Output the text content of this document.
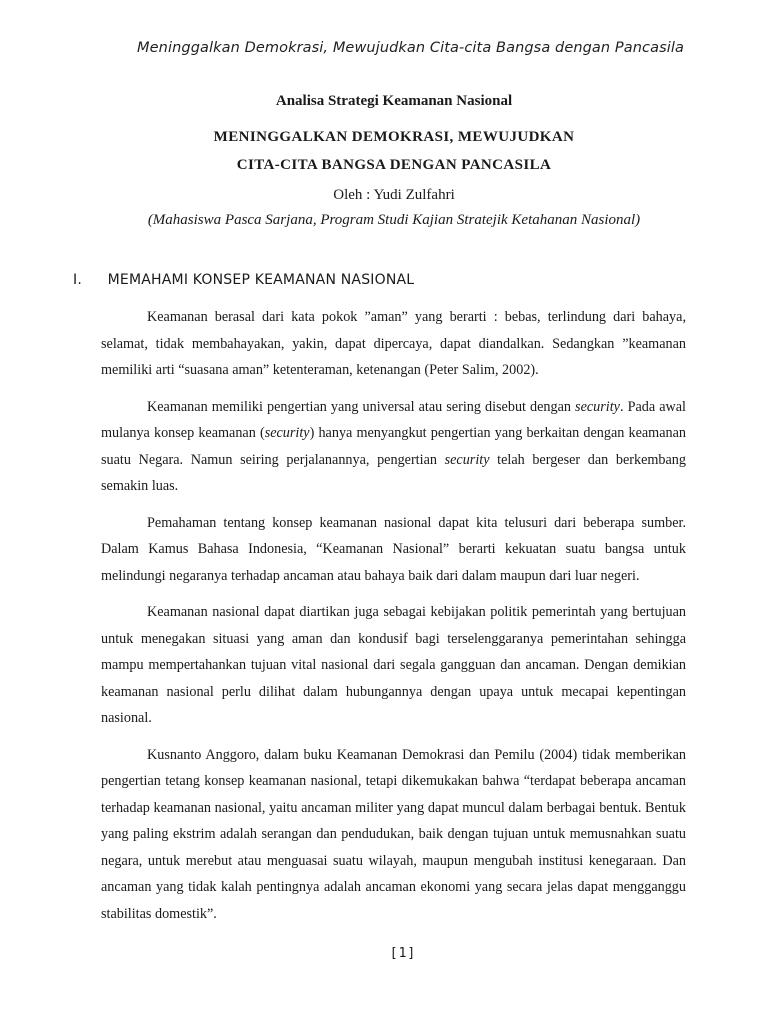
Meninggalkan Demokrasi, Mewujudkan Cita-cita Bangsa dengan Pancasila
Analisa Strategi Keamanan Nasional
MENINGGALKAN DEMOKRASI, MEWUJUDKAN
CITA-CITA BANGSA DENGAN PANCASILA
Oleh : Yudi Zulfahri
(Mahasiswa Pasca Sarjana, Program Studi Kajian Stratejik Ketahanan Nasional)
I. MEMAHAMI KONSEP KEAMANAN NASIONAL

Keamanan berasal dari kata pokok ”aman” yang berarti : bebas, terlindung dari bahaya, selamat, tidak membahayakan, yakin, dapat dipercaya, dapat diandalkan. Sedangkan ”keamanan memiliki arti “suasana aman” ketenteraman, ketenangan (Peter Salim, 2002).

Keamanan memiliki pengertian yang universal atau sering disebut dengan security. Pada awal mulanya konsep keamanan (security) hanya menyangkut pengertian yang berkaitan dengan keamanan suatu Negara. Namun seiring perjalanannya, pengertian security telah bergeser dan berkembang semakin luas.

Pemahaman tentang konsep keamanan nasional dapat kita telusuri dari beberapa sumber. Dalam Kamus Bahasa Indonesia, “Keamanan Nasional” berarti kekuatan suatu bangsa untuk melindungi negaranya terhadap ancaman atau bahaya baik dari dalam maupun dari luar negeri.

Keamanan nasional dapat diartikan juga sebagai kebijakan politik pemerintah yang bertujuan untuk menegakan situasi yang aman dan kondusif bagi terselenggaranya pemerintahan sehingga mampu mempertahankan tujuan vital nasional dari segala gangguan dan ancaman. Dengan demikian keamanan nasional perlu dilihat dalam hubungannya dengan upaya untuk mecapai kepentingan nasional.

Kusnanto Anggoro, dalam buku Keamanan Demokrasi dan Pemilu (2004) tidak memberikan pengertian tetang konsep keamanan nasional, tetapi dikemukakan bahwa “terdapat beberapa ancaman terhadap keamanan nasional, yaitu ancaman militer yang dapat muncul dalam berbagai bentuk. Bentuk yang paling ekstrim adalah serangan dan pendudukan, baik dengan tujuan untuk memusnahkan suatu negara, untuk merebut atau menguasai suatu wilayah, maupun mengubah institusi kenegaraan. Dan ancaman yang tidak kalah pentingnya adalah ancaman ekonomi yang secara jelas dapat mengganggu stabilitas domestik”.

[1]
